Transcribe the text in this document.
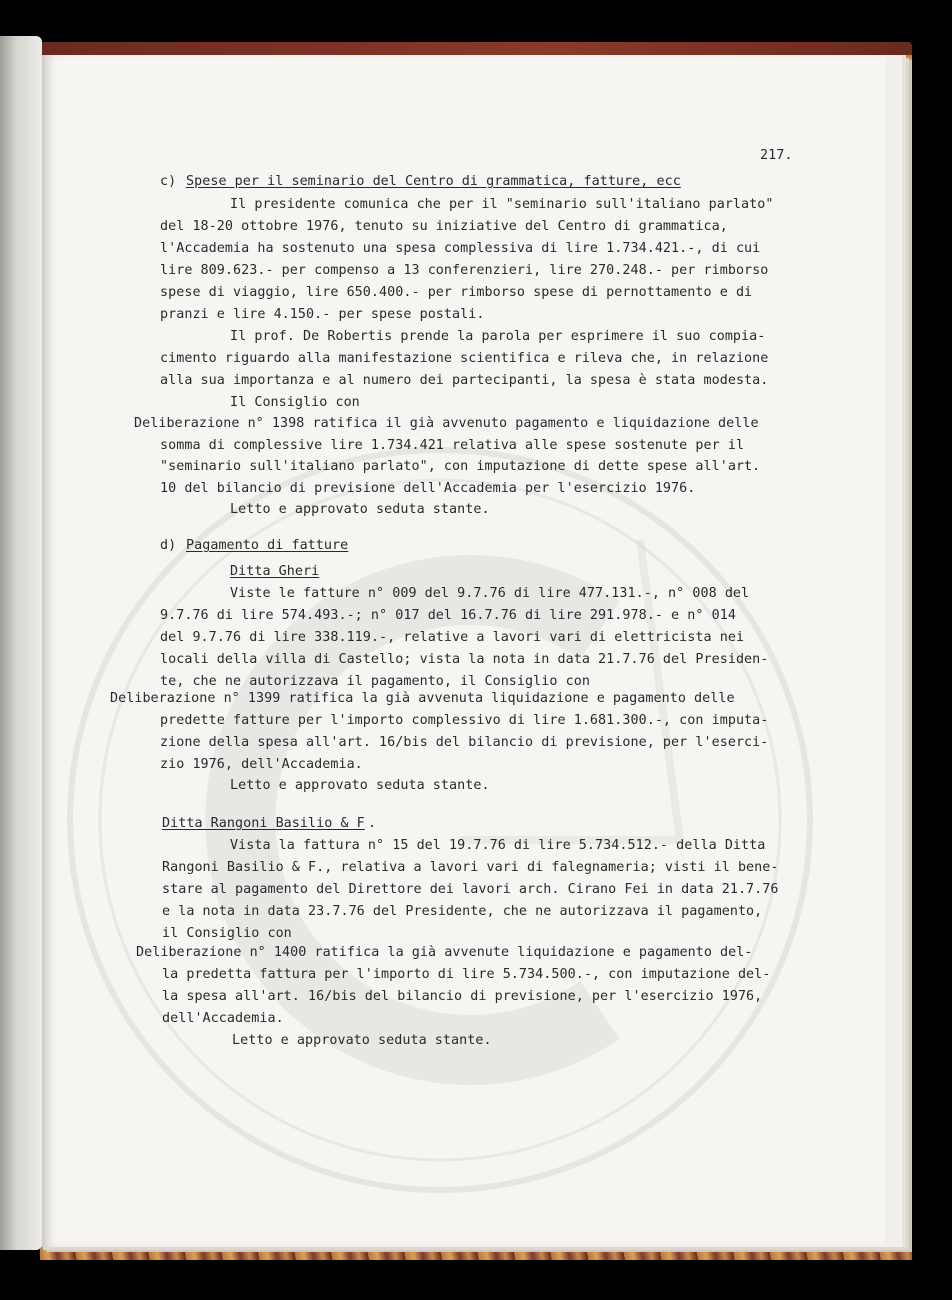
217.
c) Spese per il seminario del Centro di grammatica, fatture, ecc
Il presidente comunica che per il "seminario sull'italiano parlato"
del 18-20 ottobre 1976, tenuto su iniziative del Centro di grammatica,
l'Accademia ha sostenuto una spesa complessiva di lire 1.734.421.-, di cui
lire 809.623.- per compenso a 13 conferenzieri, lire 270.248.- per rimborso
spese di viaggio, lire 650.400.- per rimborso spese di pernottamento e di
pranzi e lire 4.150.- per spese postali.
Il prof. De Robertis prende la parola per esprimere il suo compia-
cimento riguardo alla manifestazione scientifica e rileva che, in relazione
alla sua importanza e al numero dei partecipanti, la spesa è stata modesta.
Il Consiglio con
Deliberazione n° 1398 ratifica il già avvenuto pagamento e liquidazione delle
somma di complessive lire 1.734.421 relativa alle spese sostenute per il
"seminario sull'italiano parlato", con imputazione di dette spese all'art.
10 del bilancio di previsione dell'Accademia per l'esercizio 1976.
Letto e approvato seduta stante.
d) Pagamento di fatture
Ditta Gheri
Viste le fatture n° 009 del 9.7.76 di lire 477.131.-, n° 008 del
9.7.76 di lire 574.493.-; n° 017 del 16.7.76 di lire 291.978.- e n° 014
del 9.7.76 di lire 338.119.-, relative a lavori vari di elettricista nei
locali della villa di Castello; vista la nota in data 21.7.76 del Presiden-
te, che ne autorizzava il pagamento, il Consiglio con
Deliberazione n° 1399 ratifica la già avvenuta liquidazione e pagamento delle
predette fatture per l'importo complessivo di lire 1.681.300.-, con imputa-
zione della spesa all'art. 16/bis del bilancio di previsione, per l'eserci-
zio 1976, dell'Accademia.
Letto e approvato seduta stante.
Ditta Rangoni Basilio & F .
Vista la fattura n° 15 del 19.7.76 di lire 5.734.512.- della Ditta
Rangoni Basilio & F., relativa a lavori vari di falegnameria; visti il bene-
stare al pagamento del Direttore dei lavori arch. Cirano Fei in data 21.7.76
e la nota in data 23.7.76 del Presidente, che ne autorizzava il pagamento,
il Consiglio con
Deliberazione n° 1400 ratifica la già avvenute liquidazione e pagamento del-
la predetta fattura per l'importo di lire 5.734.500.-, con imputazione del-
la spesa all'art. 16/bis del bilancio di previsione, per l'esercizio 1976,
dell'Accademia.
Letto e approvato seduta stante.
